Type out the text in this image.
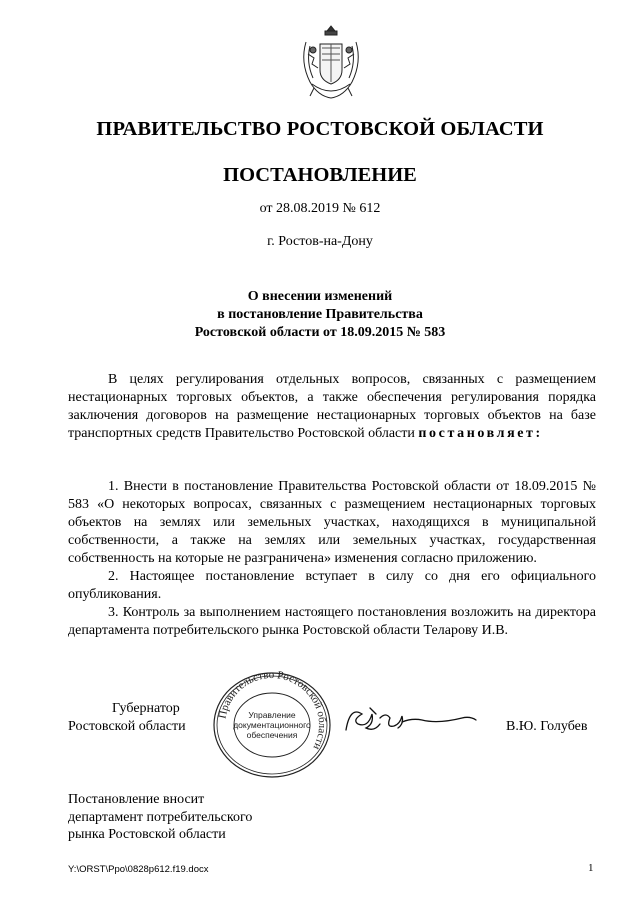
ПРАВИТЕЛЬСТВО РОСТОВСКОЙ ОБЛАСТИ
ПОСТАНОВЛЕНИЕ
от 28.08.2019 № 612
г. Ростов-на-Дону
О внесении изменений
в постановление Правительства
Ростовской области от 18.09.2015 № 583
В целях регулирования отдельных вопросов, связанных с размещением нестационарных торговых объектов, а также обеспечения регулирования порядка заключения договоров на размещение нестационарных торговых объектов на базе транспортных средств Правительство Ростовской области постановляет:
1. Внести в постановление Правительства Ростовской области от 18.09.2015 № 583 «О некоторых вопросах, связанных с размещением нестационарных торговых объектов на землях или земельных участках, находящихся в муниципальной собственности, а также на землях или земельных участках, государственная собственность на которые не разграничена» изменения согласно приложению.
2. Настоящее постановление вступает в силу со дня его официального опубликования.
3. Контроль за выполнением настоящего постановления возложить на директора департамента потребительского рынка Ростовской области Теларову И.В.
Губернатор
Ростовской области
Правительство Ростовской области
Управление
документационного
обеспечения
В.Ю. Голубев
Постановление вносит
департамент потребительского
рынка Ростовской области
Y:\ORST\Ppo\0828p612.f19.docx	1
